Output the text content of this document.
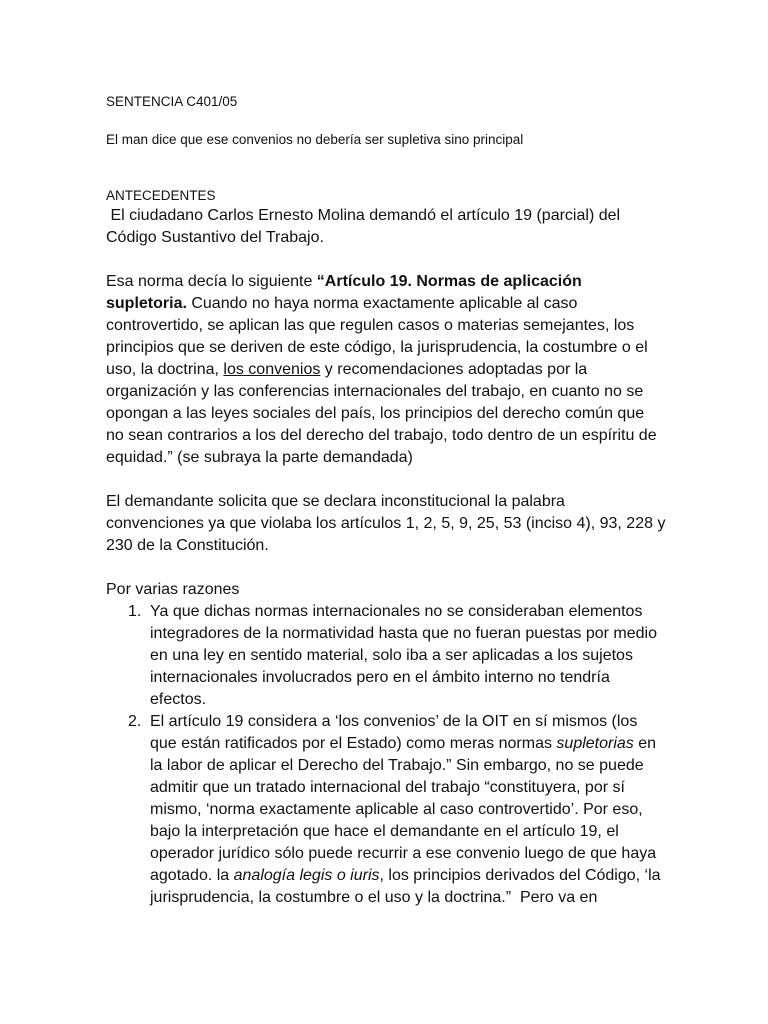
SENTENCIA C401/05
El man dice que ese convenios no debería ser supletiva sino principal
ANTECEDENTES

El ciudadano Carlos Ernesto Molina demandó el artículo 19 (parcial) del Código Sustantivo del Trabajo.

Esa norma decía lo siguiente “Artículo 19. Normas de aplicación supletoria. Cuando no haya norma exactamente aplicable al caso controvertido, se aplican las que regulen casos o materias semejantes, los principios que se deriven de este código, la jurisprudencia, la costumbre o el uso, la doctrina, los convenios y recomendaciones adoptadas por la organización y las conferencias internacionales del trabajo, en cuanto no se opongan a las leyes sociales del país, los principios del derecho común que no sean contrarios a los del derecho del trabajo, todo dentro de un espíritu de equidad.” (se subraya la parte demandada)

El demandante solicita que se declara inconstitucional la palabra convenciones ya que violaba los artículos 1, 2, 5, 9, 25, 53 (inciso 4), 93, 228 y 230 de la Constitución.

Por varias razones

1. Ya que dichas normas internacionales no se consideraban elementos integradores de la normatividad hasta que no fueran puestas por medio en una ley en sentido material, solo iba a ser aplicadas a los sujetos internacionales involucrados pero en el ámbito interno no tendría efectos.
2. El artículo 19 considera a ‘los convenios’ de la OIT en sí mismos (los que están ratificados por el Estado) como meras normas supletorias en la labor de aplicar el Derecho del Trabajo.” Sin embargo, no se puede admitir que un tratado internacional del trabajo “constituyera, por sí mismo, ‘norma exactamente aplicable al caso controvertido’. Por eso, bajo la interpretación que hace el demandante en el artículo 19, el operador jurídico sólo puede recurrir a ese convenio luego de que haya agotado. la analogía legis o iuris, los principios derivados del Código, ‘la jurisprudencia, la costumbre o el uso y la doctrina.”  Pero va en
